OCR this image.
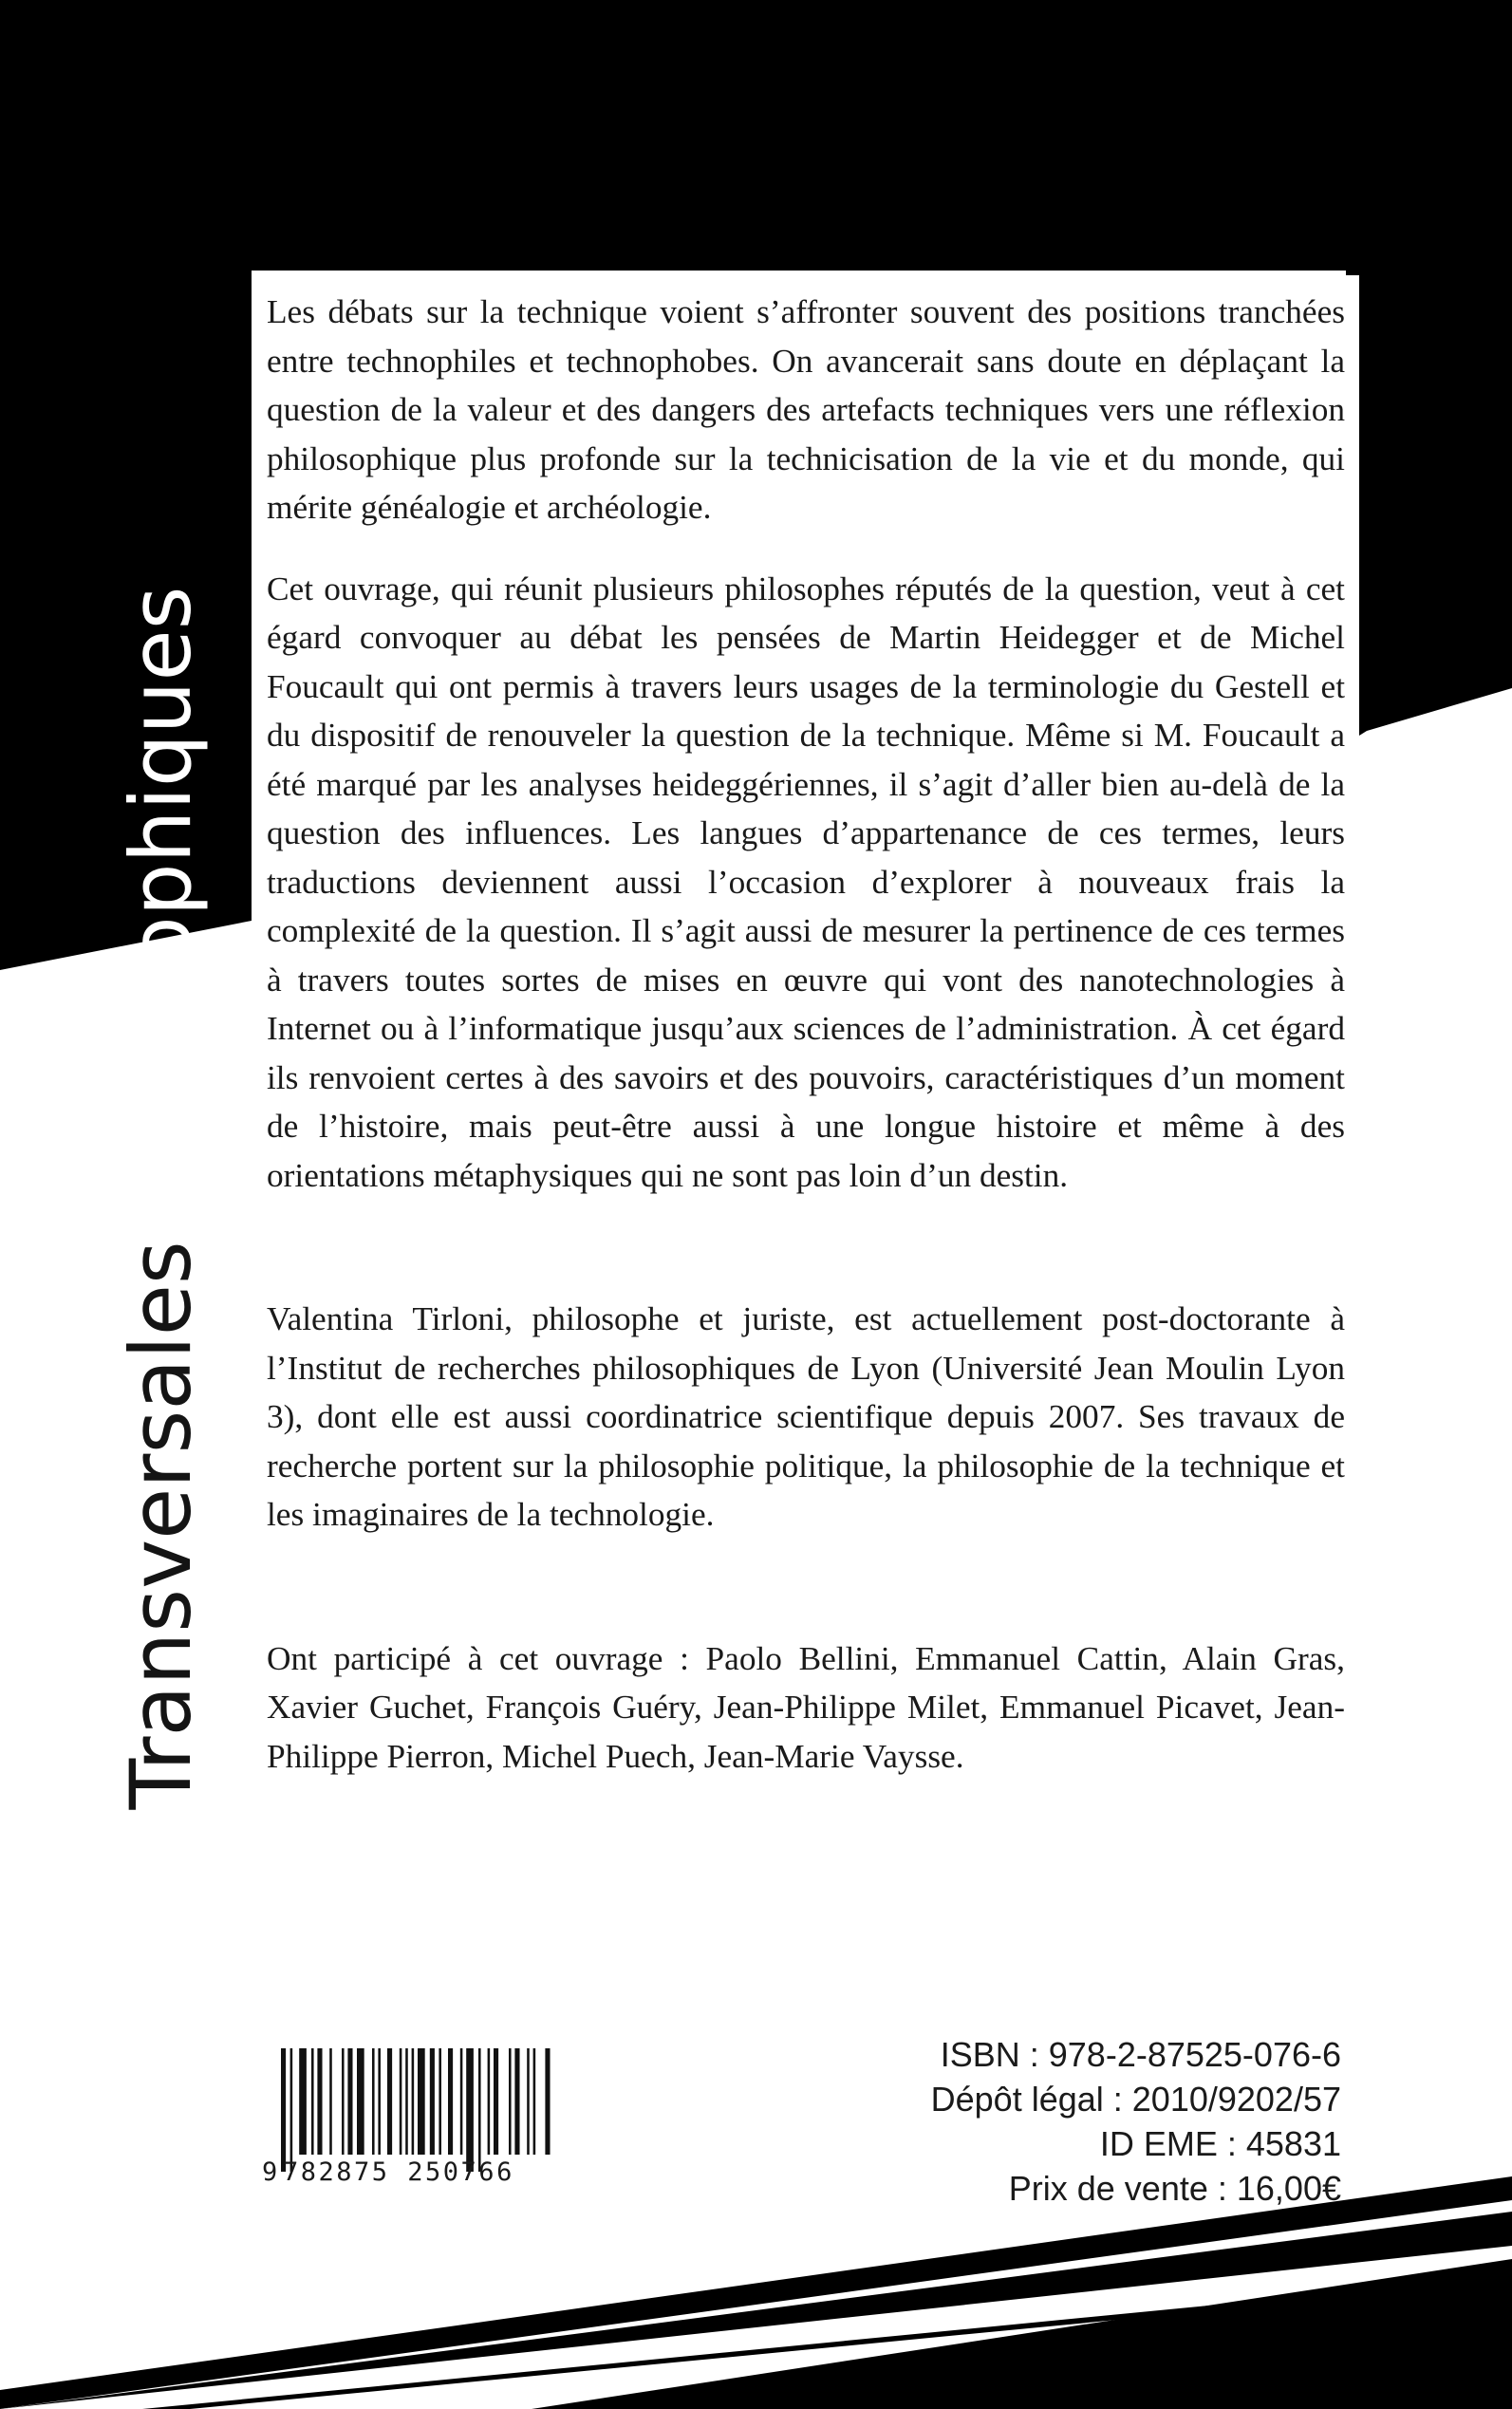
Transversales philosophiques

Les débats sur la technique voient s’affronter souvent des positions tranchées entre technophiles et technophobes. On avancerait sans doute en déplaçant la question de la valeur et des dangers des artefacts techniques vers une réflexion philosophique plus profonde sur la technicisation de la vie et du monde, qui mérite généalogie et archéologie.

Cet ouvrage, qui réunit plusieurs philosophes réputés de la question, veut à cet égard convoquer au débat les pensées de Martin Heidegger et de Michel Foucault qui ont permis à travers leurs usages de la terminologie du Gestell et du dispositif de renouveler la question de la technique. Même si M. Foucault a été marqué par les analyses heideggériennes, il s’agit d’aller bien au-delà de la question des influences. Les langues d’appartenance de ces termes, leurs traductions deviennent aussi l’occasion d’explorer à nouveaux frais la complexité de la question. Il s’agit aussi de mesurer la pertinence de ces termes à travers toutes sortes de mises en œuvre qui vont des nanotechnologies à Internet ou à l’informatique jusqu’aux sciences de l’administration. À cet égard ils renvoient certes à des savoirs et des pouvoirs, caractéristiques d’un moment de l’histoire, mais peut-être aussi à une longue histoire et même à des orientations métaphysiques qui ne sont pas loin d’un destin.

Valentina Tirloni, philosophe et juriste, est actuellement post-doctorante à l’Institut de recherches philosophiques de Lyon (Université Jean Moulin Lyon 3), dont elle est aussi coordinatrice scientifique depuis 2007. Ses travaux de recherche portent sur la philosophie politique, la philosophie de la technique et les imaginaires de la technologie.

Ont participé à cet ouvrage : Paolo Bellini, Emmanuel Cattin, Alain Gras, Xavier Guchet, François Guéry, Jean-Philippe Milet, Emmanuel Picavet, Jean-Philippe Pierron, Michel Puech, Jean-Marie Vaysse.

9 782875 250766
ISBN : 978-2-87525-076-6
Dépôt légal : 2010/9202/57
ID EME : 45831
Prix de vente : 16,00€
